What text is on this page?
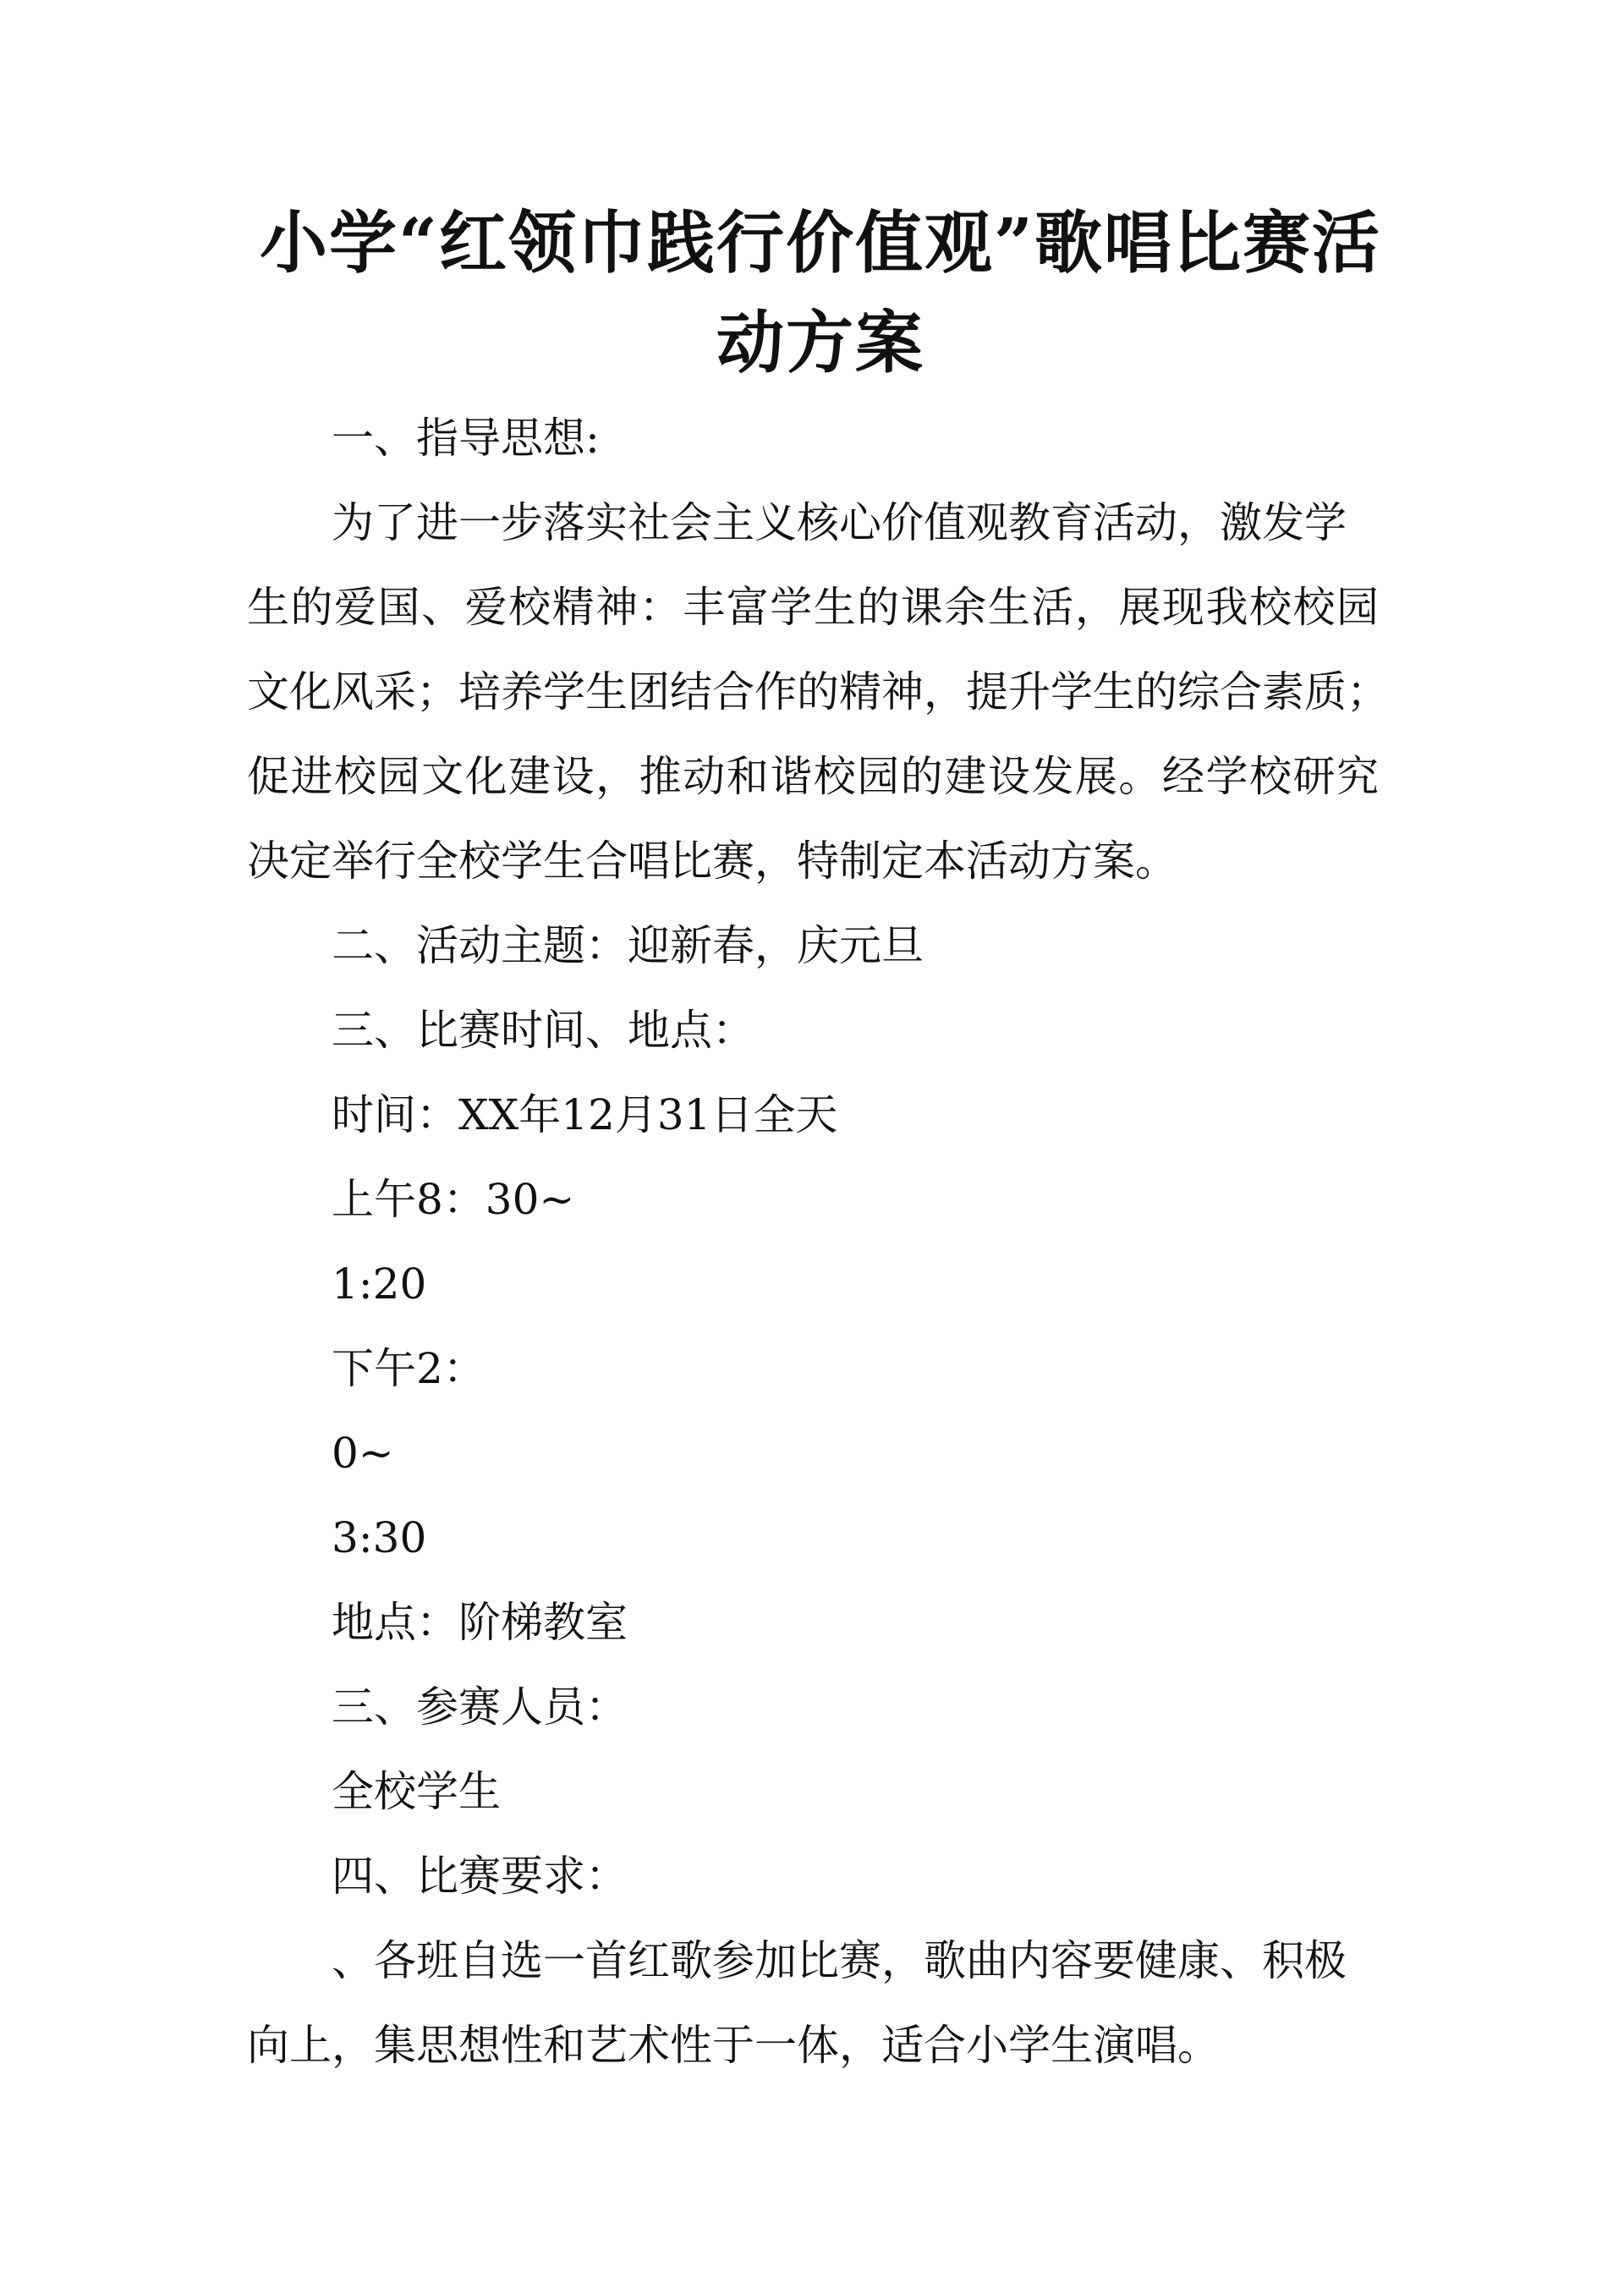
小学“红领巾践行价值观”歌唱比赛活动方案

一、指导思想:

为了进一步落实社会主义核心价值观教育活动，激发学

生的爱国、爱校精神：丰富学生的课余生活，展现我校校园

文化风采；培养学生团结合作的精神，提升学生的综合素质；

促进校园文化建设，推动和谐校园的建设发展。经学校研究

决定举行全校学生合唱比赛，特制定本活动方案。

二、活动主题：迎新春，庆元旦

三、比赛时间、地点：

时间：XX年12月31日全天

上午8：30~

1:20

下午2：

0~

3:30

地点：阶梯教室

三、参赛人员：

全校学生

四、比赛要求：

、各班自选一首红歌参加比赛，歌曲内容要健康、积极

向上，集思想性和艺术性于一体，适合小学生演唱。
